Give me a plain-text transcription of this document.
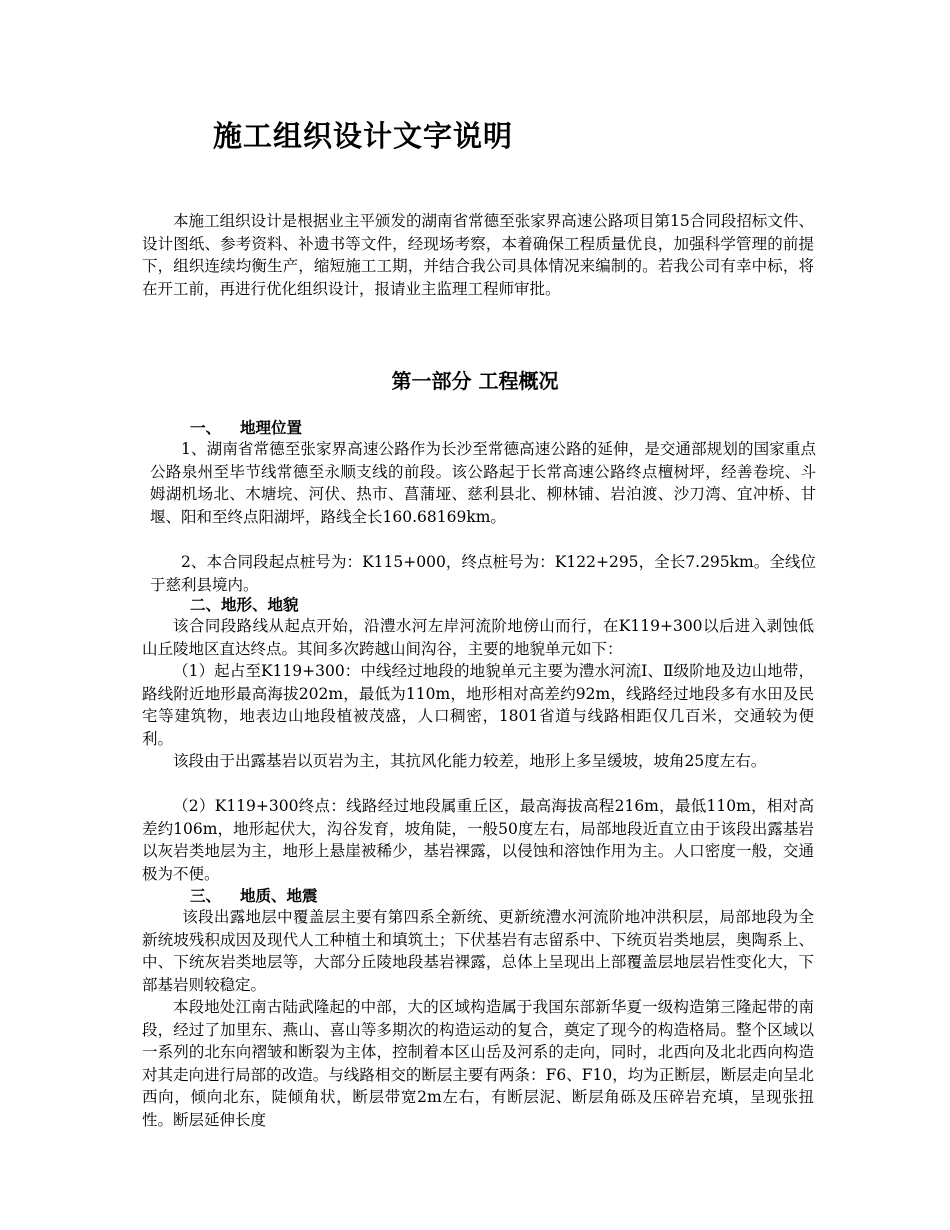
施工组织设计文字说明

本施工组织设计是根据业主平颁发的湖南省常德至张家界高速公路项目第15合同段招标文件、设计图纸、参考资料、补遗书等文件，经现场考察，本着确保工程质量优良，加强科学管理的前提下，组织连续均衡生产，缩短施工工期，并结合我公司具体情况来编制的。若我公司有幸中标，将在开工前，再进行优化组织设计，报请业主监理工程师审批。

第一部分 工程概况
一、 地理位置

1、湖南省常德至张家界高速公路作为长沙至常德高速公路的延伸，是交通部规划的国家重点公路泉州至毕节线常德至永顺支线的前段。该公路起于长常高速公路终点檀树坪，经善卷垸、斗姆湖机场北、木塘垸、河伏、热市、菖蒲垭、慈利县北、柳林铺、岩泊渡、沙刀湾、宜冲桥、甘堰、阳和至终点阳湖坪，路线全长160.68169km。

2、本合同段起点桩号为：K115+000，终点桩号为：K122+295，全长7.295km。全线位于慈利县境内。

二、地形、地貌

该合同段路线从起点开始，沿澧水河左岸河流阶地傍山而行，在K119+300以后进入剥蚀低山丘陵地区直达终点。其间多次跨越山间沟谷，主要的地貌单元如下：

（1）起占至K119+300：中线经过地段的地貌单元主要为澧水河流Ⅰ、Ⅱ级阶地及边山地带，路线附近地形最高海拔202m，最低为110m，地形相对高差约92m，线路经过地段多有水田及民宅等建筑物，地表边山地段植被茂盛，人口稠密，1801省道与线路相距仅几百米，交通较为便利。

该段由于出露基岩以页岩为主，其抗风化能力较差，地形上多呈缓坡，坡角25度左右。

（2）K119+300终点：线路经过地段属重丘区，最高海拔高程216m，最低110m，相对高差约106m，地形起伏大，沟谷发育，坡角陡，一般50度左右，局部地段近直立由于该段出露基岩以灰岩类地层为主，地形上悬崖被稀少，基岩裸露，以侵蚀和溶蚀作用为主。人口密度一般，交通极为不便。

三、 地质、地震

该段出露地层中覆盖层主要有第四系全新统、更新统澧水河流阶地冲洪积层，局部地段为全新统坡残积成因及现代人工种植土和填筑土；下伏基岩有志留系中、下统页岩类地层，奥陶系上、中、下统灰岩类地层等，大部分丘陵地段基岩裸露，总体上呈现出上部覆盖层地层岩性变化大，下部基岩则较稳定。

本段地处江南古陆武隆起的中部，大的区域构造属于我国东部新华夏一级构造第三隆起带的南段，经过了加里东、燕山、喜山等多期次的构造运动的复合，奠定了现今的构造格局。整个区域以一系列的北东向褶皱和断裂为主体，控制着本区山岳及河系的走向，同时，北西向及北北西向构造对其走向进行局部的改造。与线路相交的断层主要有两条：F6、F10，均为正断层，断层走向呈北西向，倾向北东，陡倾角状，断层带宽2m左右，有断层泥、断层角砾及压碎岩充填，呈现张扭性。断层延伸长度
